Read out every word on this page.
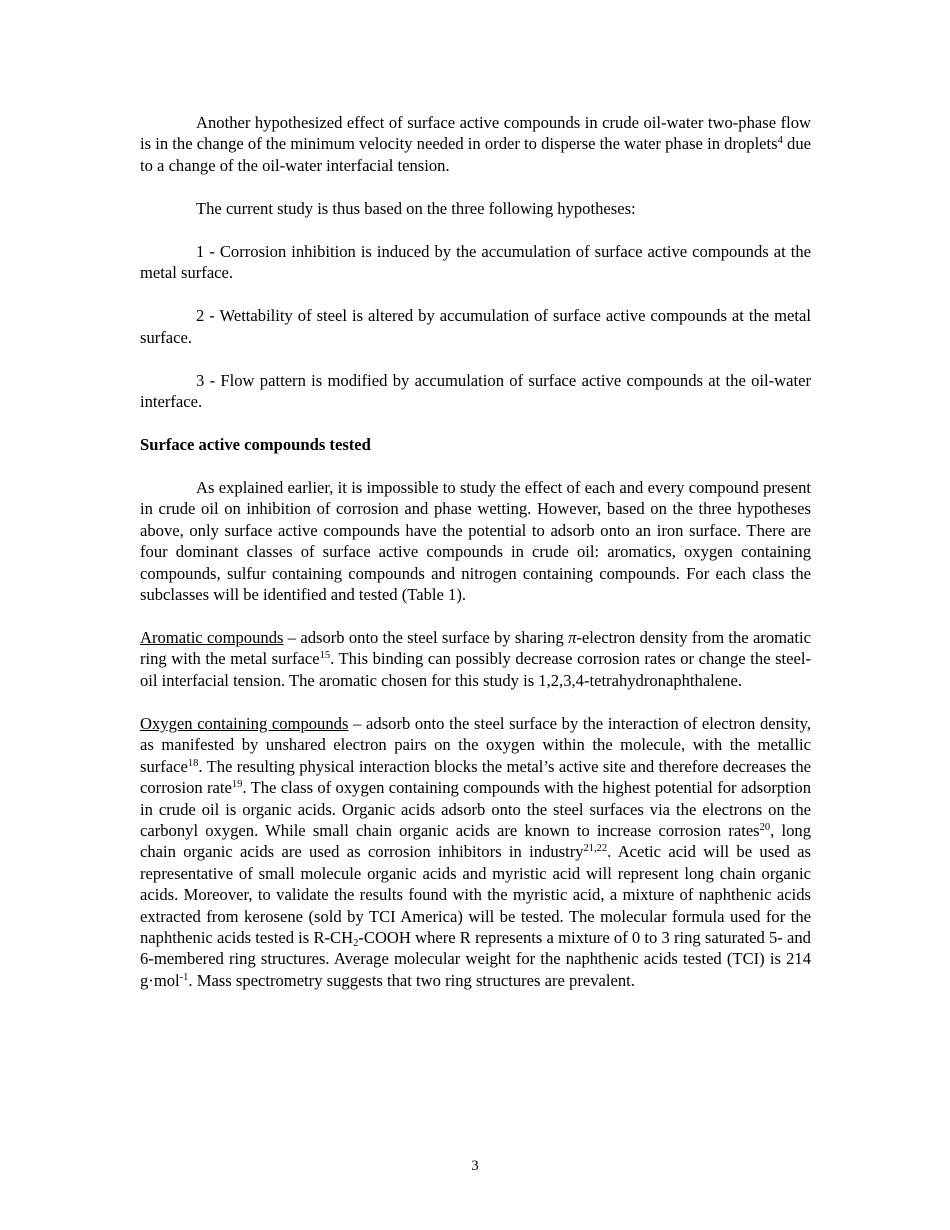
Another hypothesized effect of surface active compounds in crude oil-water two-phase flow is in the change of the minimum velocity needed in order to disperse the water phase in droplets$^4$ due to a change of the oil-water interfacial tension.

The current study is thus based on the three following hypotheses:

1 - Corrosion inhibition is induced by the accumulation of surface active compounds at the metal surface.

2 - Wettability of steel is altered by accumulation of surface active compounds at the metal surface.

3 - Flow pattern is modified by accumulation of surface active compounds at the oil-water interface.

Surface active compounds tested

As explained earlier, it is impossible to study the effect of each and every compound present in crude oil on inhibition of corrosion and phase wetting. However, based on the three hypotheses above, only surface active compounds have the potential to adsorb onto an iron surface. There are four dominant classes of surface active compounds in crude oil: aromatics, oxygen containing compounds, sulfur containing compounds and nitrogen containing compounds. For each class the subclasses will be identified and tested (Table 1).

Aromatic compounds – adsorb onto the steel surface by sharing π-electron density from the aromatic ring with the metal surface$^{15}$. This binding can possibly decrease corrosion rates or change the steel-oil interfacial tension. The aromatic chosen for this study is 1,2,3,4-tetrahydronaphthalene.

Oxygen containing compounds – adsorb onto the steel surface by the interaction of electron density, as manifested by unshared electron pairs on the oxygen within the molecule, with the metallic surface$^{18}$. The resulting physical interaction blocks the metal’s active site and therefore decreases the corrosion rate$^{19}$. The class of oxygen containing compounds with the highest potential for adsorption in crude oil is organic acids. Organic acids adsorb onto the steel surfaces via the electrons on the carbonyl oxygen. While small chain organic acids are known to increase corrosion rates$^{20}$, long chain organic acids are used as corrosion inhibitors in industry$^{21,22}$. Acetic acid will be used as representative of small molecule organic acids and myristic acid will represent long chain organic acids. Moreover, to validate the results found with the myristic acid, a mixture of naphthenic acids extracted from kerosene (sold by TCI America) will be tested. The molecular formula used for the naphthenic acids tested is $R-CH_2$-COOH where R represents a mixture of 0 to 3 ring saturated 5- and 6-membered ring structures. Average molecular weight for the naphthenic acids tested (TCI) is 214 g·mol$^{-1}$. Mass spectrometry suggests that two ring structures are prevalent.

3
